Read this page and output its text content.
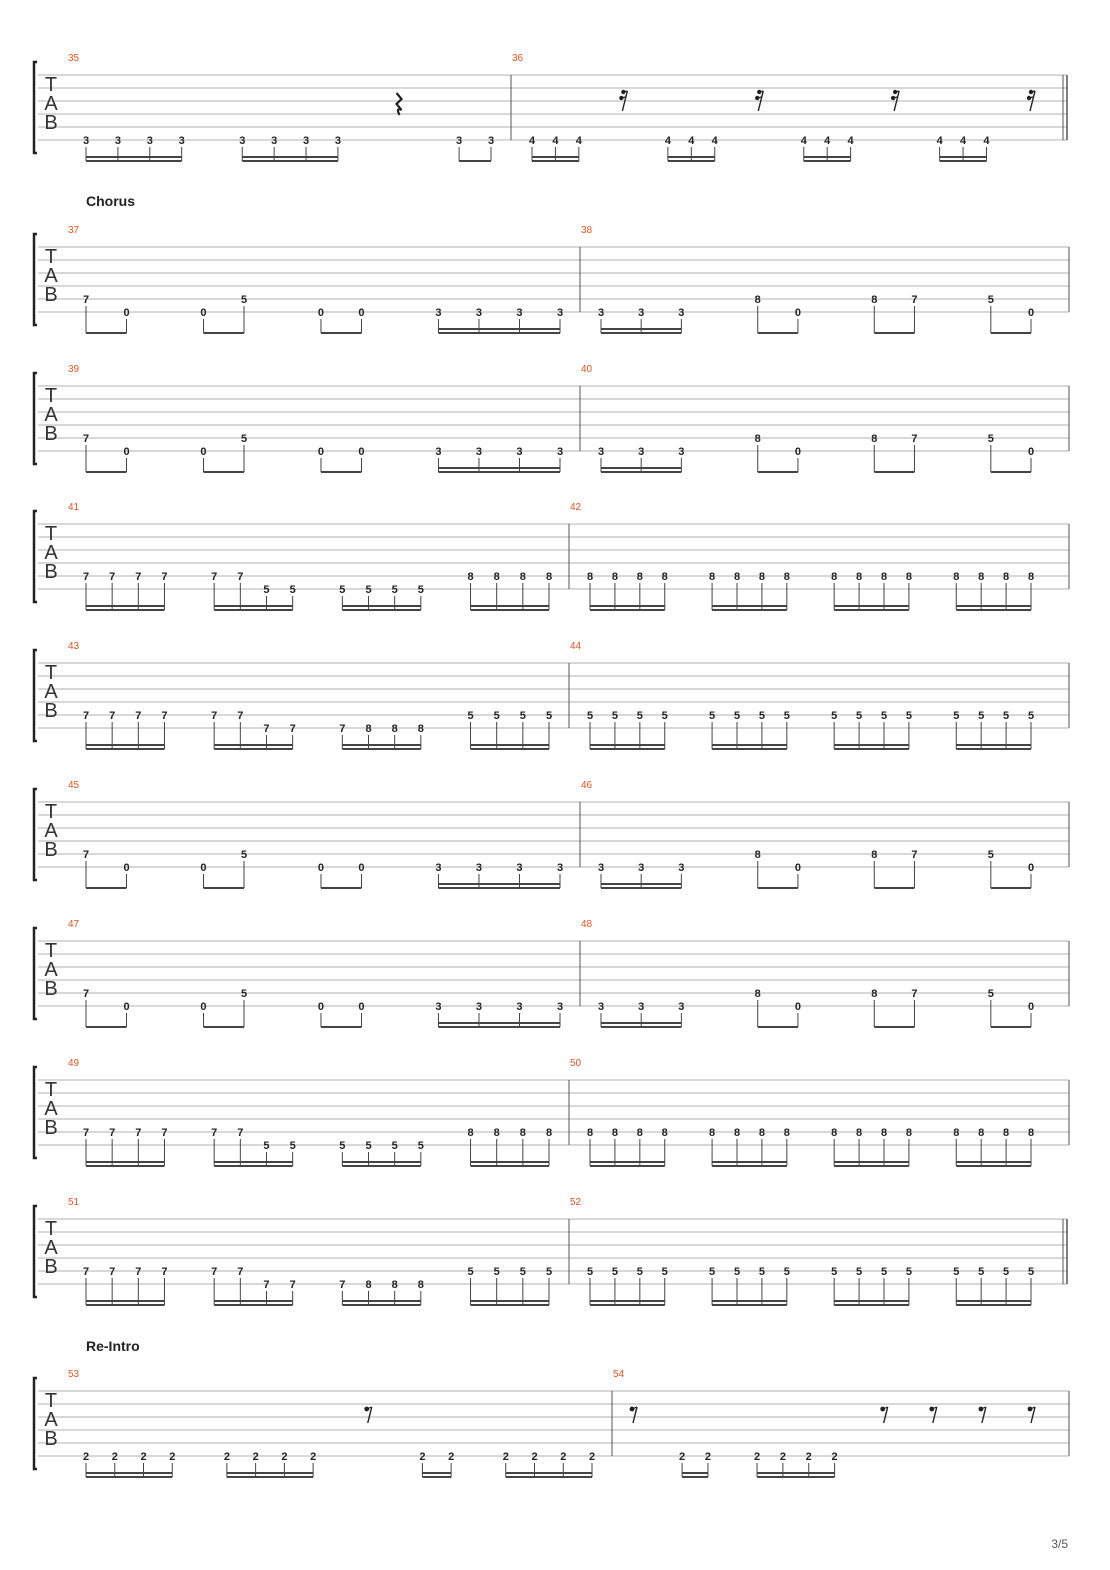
T
A
B
35
3 3 3 3	3 3 3 3	3 3
36
4 4 4	4 4 4	4 4 4	4 4 4
T
A
B
37
7
0	0
5
0	0	3	3	3	3
38
3	3	3
8
0
8	7	5
0
T
A
B
39
7
0	0
5
0	0	3	3	3	3
40
3	3	3
8
0
8	7	5
0
T
A
B
41
7 7 7 7	7 7
5 5	5 5 5 5
8 8 8 8
42
8 8 8 8	8 8 8 8	8 8 8 8	8 8 8 8
T
A
B
43
7 7 7 7	7 7
7 7	7 8 8 8
5 5 5 5
44
5 5 5 5	5 5 5 5	5 5 5 5	5 5 5 5
T
A
B
45
7
0	0
5
0	0	3	3	3	3
46
3	3	3
8
0
8	7	5
0
T
A
B
47
7
0	0
5
0	0	3	3	3	3
48
3	3	3
8
0
8	7	5
0
T
A
B
49
7 7 7 7	7 7
5 5	5 5 5 5
8 8 8 8
50
8 8 8 8	8 8 8 8	8 8 8 8	8 8 8 8
T
A
B
51
7 7 7 7	7 7
7 7	7 8 8 8
5 5 5 5
52
5 5 5 5	5 5 5 5	5 5 5 5	5 5 5 5
T
A
B
53
2 2 2 2	2 2 2 2	2 2	2 2 2 2
54
2 2	2 2 2 2
Chorus
Re-Intro
3/5
